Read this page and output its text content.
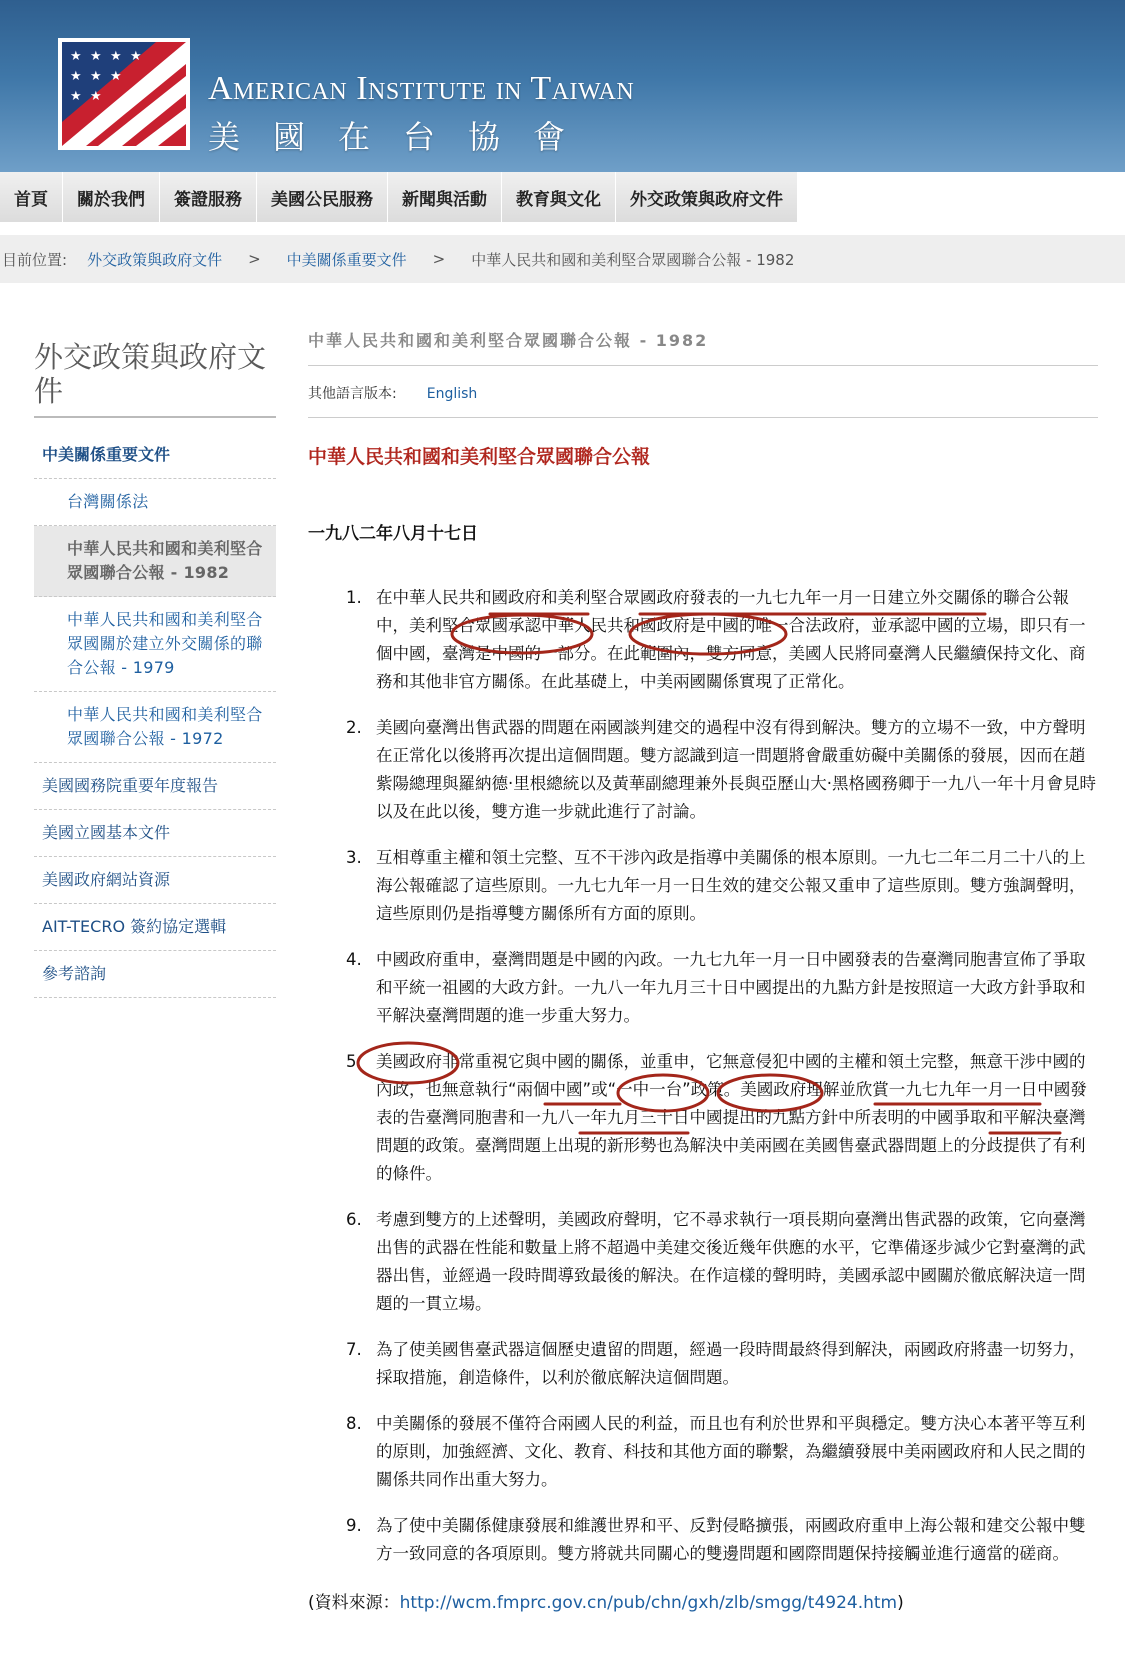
★ ★ ★ ★
★ ★ ★
★ ★	American Institute in Taiwan
美國在台協會
首頁	關於我們	簽證服務	美國公民服務	新聞與活動	教育與文化	外交政策與政府文件
目前位置: 外交政策與政府文件 > 中美關係重要文件 > 中華人民共和國和美利堅合眾國聯合公報 - 1982
外交政策與政府文件
中美關係重要文件
台灣關係法
中華人民共和國和美利堅合眾國聯合公報 - 1982
中華人民共和國和美利堅合眾國關於建立外交關係的聯合公報 - 1979
中華人民共和國和美利堅合眾國聯合公報 - 1972
美國國務院重要年度報告
美國立國基本文件
美國政府網站資源
AIT-TECRO 簽約協定選輯
參考諮詢
中華人民共和國和美利堅合眾國聯合公報 - 1982
其他語言版本: English
中華人民共和國和美利堅合眾國聯合公報
一九八二年八月十七日
1. 在中華人民共和國政府和美利堅合眾國政府發表的一九七九年一月一日建立外交關係的聯合公報中，美利堅合眾國承認中華人民共和國政府是中國的唯一合法政府，並承認中國的立場，即只有一個中國，臺灣是中國的一部分。在此範圍內，雙方同意，美國人民將同臺灣人民繼續保持文化、商務和其他非官方關係。在此基礎上，中美兩國關係實現了正常化。
2. 美國向臺灣出售武器的問題在兩國談判建交的過程中沒有得到解決。雙方的立場不一致，中方聲明在正常化以後將再次提出這個問題。雙方認識到這一問題將會嚴重妨礙中美關係的發展，因而在趙紫陽總理與羅納德·里根總統以及黃華副總理兼外長與亞歷山大·黑格國務卿于一九八一年十月會見時以及在此以後，雙方進一步就此進行了討論。
3. 互相尊重主權和領土完整、互不干涉內政是指導中美關係的根本原則。一九七二年二月二十八的上海公報確認了這些原則。一九七九年一月一日生效的建交公報又重申了這些原則。雙方強調聲明，這些原則仍是指導雙方關係所有方面的原則。
4. 中國政府重申，臺灣問題是中國的內政。一九七九年一月一日中國發表的告臺灣同胞書宣佈了爭取和平統一祖國的大政方針。一九八一年九月三十日中國提出的九點方針是按照這一大政方針爭取和平解決臺灣問題的進一步重大努力。
5. 美國政府非常重視它與中國的關係，並重申，它無意侵犯中國的主權和領土完整，無意干涉中國的內政，也無意執行“兩個中國”或“一中一台”政策。美國政府理解並欣賞一九七九年一月一日中國發表的告臺灣同胞書和一九八一年九月三十日中國提出的九點方針中所表明的中國爭取和平解決臺灣問題的政策。臺灣問題上出現的新形勢也為解決中美兩國在美國售臺武器問題上的分歧提供了有利的條件。
6. 考慮到雙方的上述聲明，美國政府聲明，它不尋求執行一項長期向臺灣出售武器的政策，它向臺灣出售的武器在性能和數量上將不超過中美建交後近幾年供應的水平，它準備逐步減少它對臺灣的武器出售，並經過一段時間導致最後的解決。在作這樣的聲明時，美國承認中國關於徹底解決這一問題的一貫立場。
7. 為了使美國售臺武器這個歷史遺留的問題，經過一段時間最終得到解決，兩國政府將盡一切努力，採取措施，創造條件，以利於徹底解決這個問題。
8. 中美關係的發展不僅符合兩國人民的利益，而且也有利於世界和平與穩定。雙方決心本著平等互利的原則，加強經濟、文化、教育、科技和其他方面的聯繫，為繼續發展中美兩國政府和人民之間的關係共同作出重大努力。
9. 為了使中美關係健康發展和維護世界和平、反對侵略擴張，兩國政府重申上海公報和建交公報中雙方一致同意的各項原則。雙方將就共同關心的雙邊問題和國際問題保持接觸並進行適當的磋商。
(資料來源：http://wcm.fmprc.gov.cn/pub/chn/gxh/zlb/smgg/t4924.htm)
